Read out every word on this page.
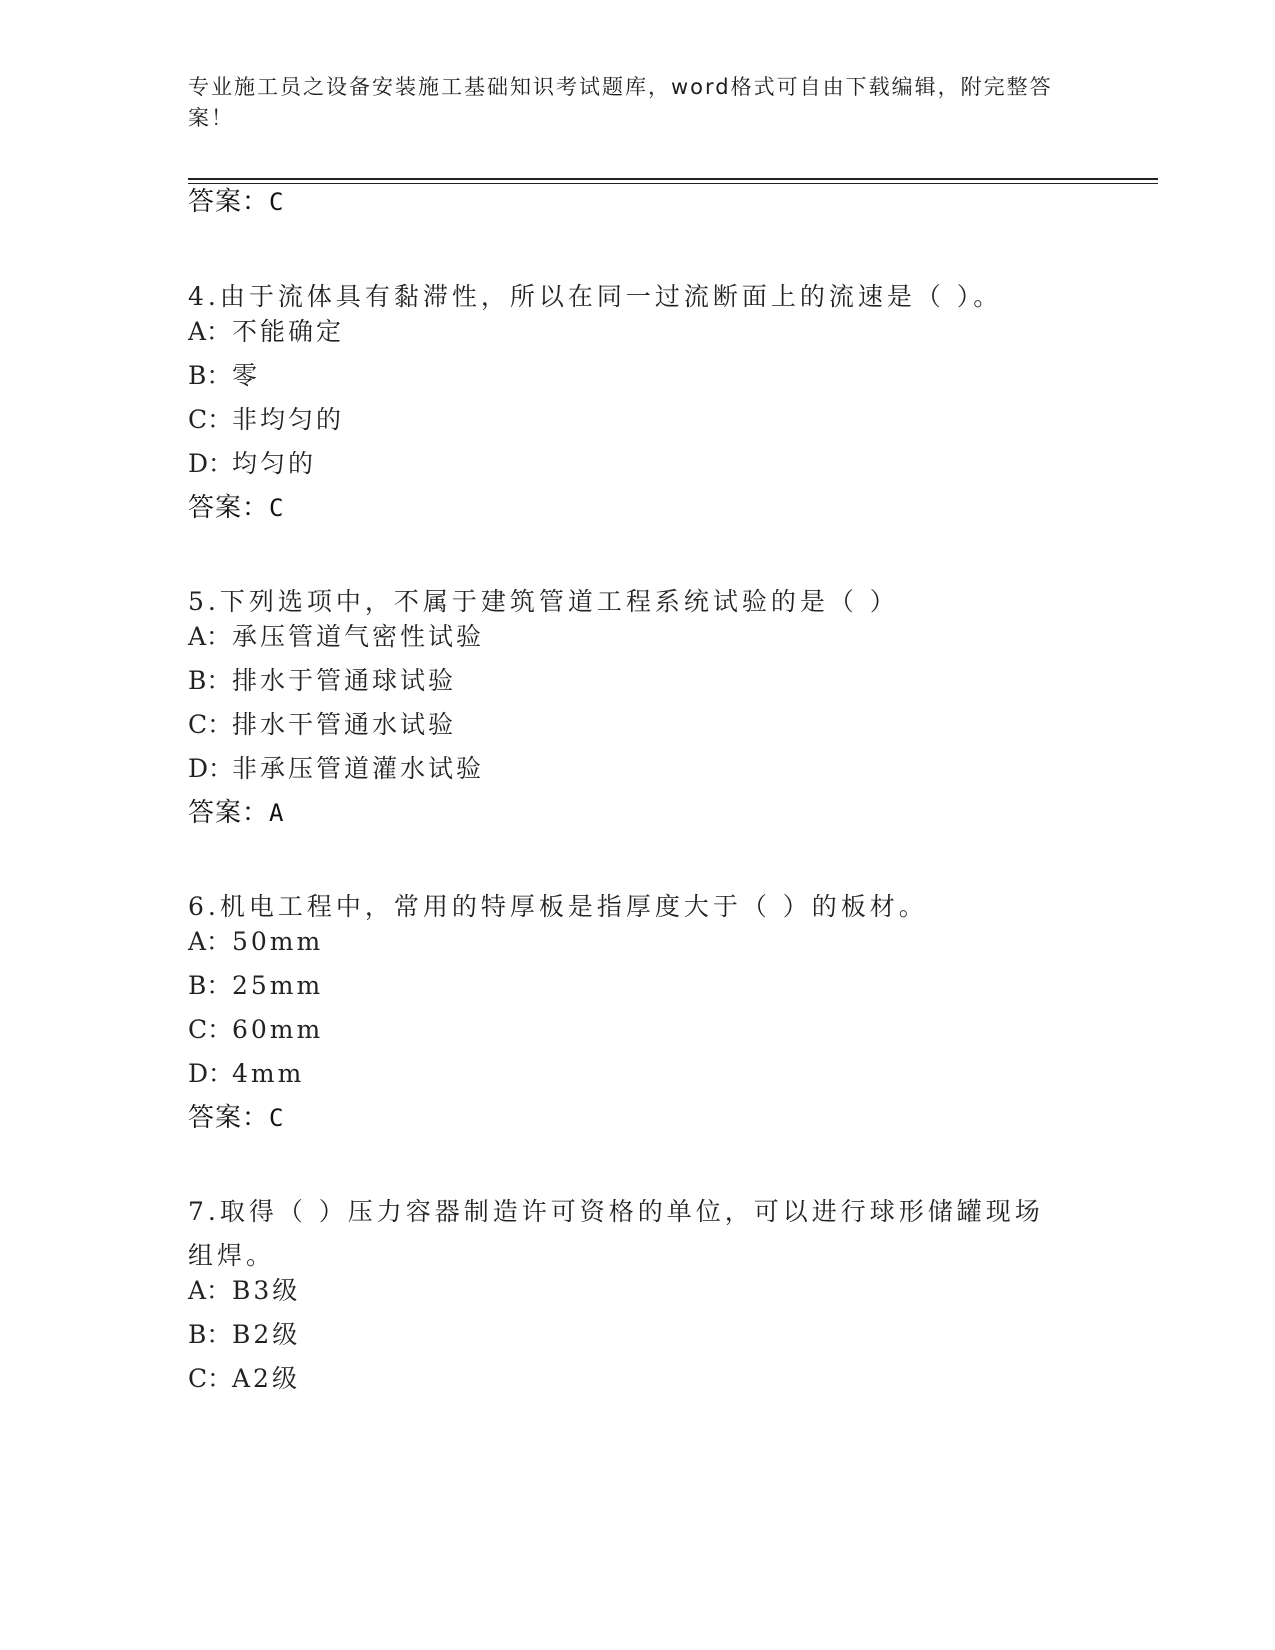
专业施工员之设备安装施工基础知识考试题库，word格式可自由下载编辑，附完整答案！
答案：C
4.由于流体具有黏滞性，所以在同一过流断面上的流速是（ ）。
A：不能确定
B：零
C：非均匀的
D：均匀的
答案：C
5.下列选项中，不属于建筑管道工程系统试验的是（ ）
A：承压管道气密性试验
B：排水于管通球试验
C：排水干管通水试验
D：非承压管道灌水试验
答案：A
6.机电工程中，常用的特厚板是指厚度大于（ ）的板材。
A：50mm
B：25mm
C：60mm
D：4mm
答案：C
7.取得（ ）压力容器制造许可资格的单位，可以进行球形储罐现场组焊。
A：B3级
B：B2级
C：A2级
